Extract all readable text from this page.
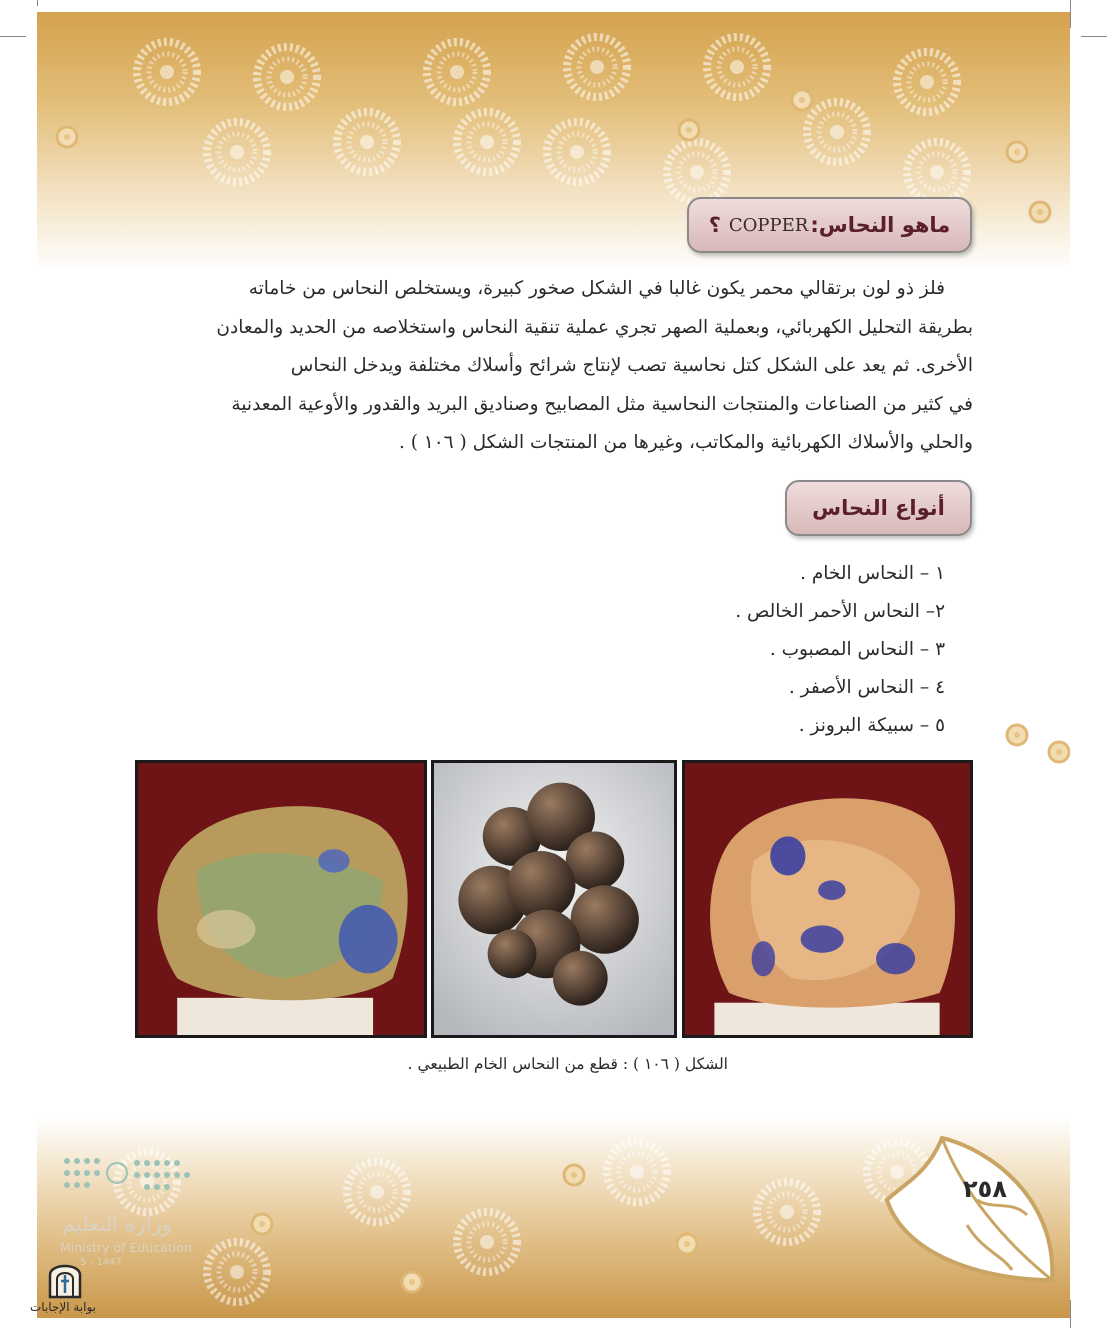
ماهو النحاس:
COPPER
؟
فلز ذو لون برتقالي محمر يكون غالبا في الشكل صخور كبيرة، ويستخلص النحاس من خاماته
بطريقة التحليل الكهربائي، وبعملية الصهر تجري عملية تنقية النحاس واستخلاصه من الحديد والمعادن
الأخرى. ثم يعد على الشكل كتل نحاسية تصب لإنتاج شرائح وأسلاك مختلفة ويدخل النحاس
في كثير من الصناعات والمنتجات النحاسية مثل المصابيح وصناديق البريد والقدور والأوعية المعدنية
والحلي والأسلاك الكهربائية والمكاتب، وغيرها من المنتجات الشكل ( ١٠٦ ) .
أنواع النحاس
١ – النحاس الخام .
٢– النحاس الأحمر الخالص .
٣ – النحاس المصبوب .
٤ – النحاس الأصفر .
٥ – سبيكة البرونز .
الشكل ( ١٠٦ ) : قطع من النحاس الخام الطبيعي .
٢٥٨
وزارة التعليم
Ministry of Education
5 - 1447
بوابة الإجابات
